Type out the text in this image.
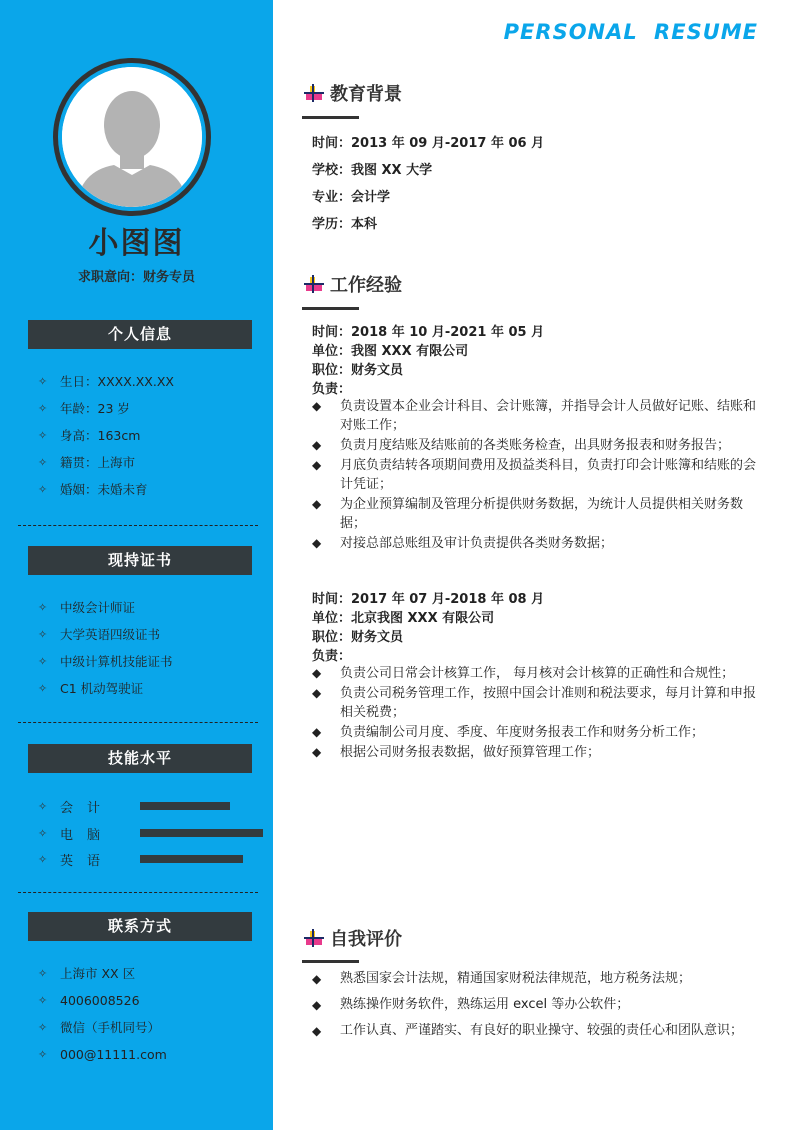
小图图
求职意向：财务专员
个人信息
✧	生日：XXXX.XX.XX
✧	年龄：23 岁
✧	身高：163cm
✧	籍贯：上海市
✧	婚姻：未婚未育
现持证书
✧	中级会计师证
✧	大学英语四级证书
✧	中级计算机技能证书
✧	C1 机动驾驶证
技能水平
✧ 会计
✧ 电脑
✧ 英语
联系方式
✧	上海市 XX 区
✧	4006008526
✧	微信（手机同号）
✧	000@11111.com
PERSONAL RESUME
教育背景
时间：2013 年 09 月-2017 年 06 月
学校：我图 XX 大学
专业：会计学
学历：本科
工作经验
时间：2018 年 10 月-2021 年 05 月
单位：我图 XXX 有限公司
职位：财务文员
负责：
◆ 负责设置本企业会计科目、会计账簿，并指导会计人员做好记账、结账和对账工作；
◆ 负责月度结账及结账前的各类账务检查，出具财务报表和财务报告；
◆ 月底负责结转各项期间费用及损益类科目，负责打印会计账簿和结账的会计凭证；
◆ 为企业预算编制及管理分析提供财务数据，为统计人员提供相关财务数据；
◆ 对接总部总账组及审计负责提供各类财务数据；
时间：2017 年 07 月-2018 年 08 月
单位：北京我图 XXX 有限公司
职位：财务文员
负责：
◆ 负责公司日常会计核算工作， 每月核对会计核算的正确性和合规性；
◆ 负责公司税务管理工作，按照中国会计准则和税法要求，每月计算和申报相关税费；
◆ 负责编制公司月度、季度、年度财务报表工作和财务分析工作；
◆ 根据公司财务报表数据，做好预算管理工作；
自我评价
◆ 熟悉国家会计法规，精通国家财税法律规范，地方税务法规；
◆ 熟练操作财务软件，熟练运用 excel 等办公软件；
◆ 工作认真、严谨踏实、有良好的职业操守、较强的责任心和团队意识；
